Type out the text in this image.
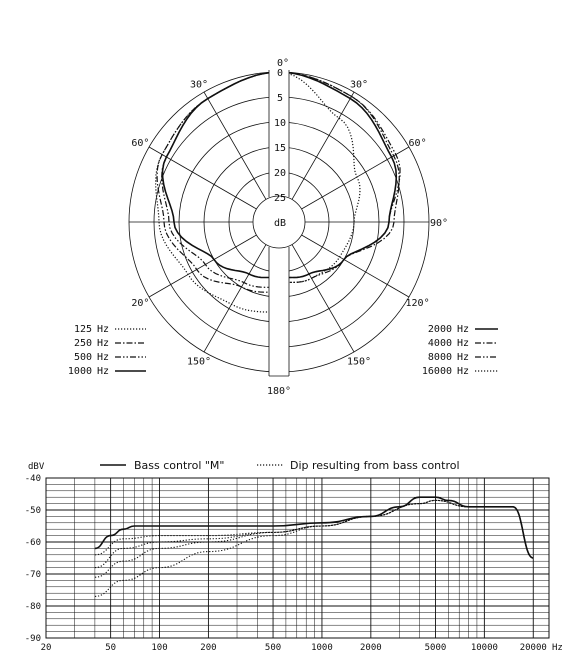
0
5
10
15
20
25
dB
0°
30°	30°
60°	60°
90°
20°	120°
150°	150°
180°
125 Hz
250 Hz
500 Hz
1000 Hz
2000 Hz
4000 Hz
8000 Hz
16000 Hz
-40
-50
-60
-70
-80
-90
20	50	100	200	500	1000	2000	5000	10000 20000
dBV
Hz
Bass control "M"	Dip resulting from bass control
